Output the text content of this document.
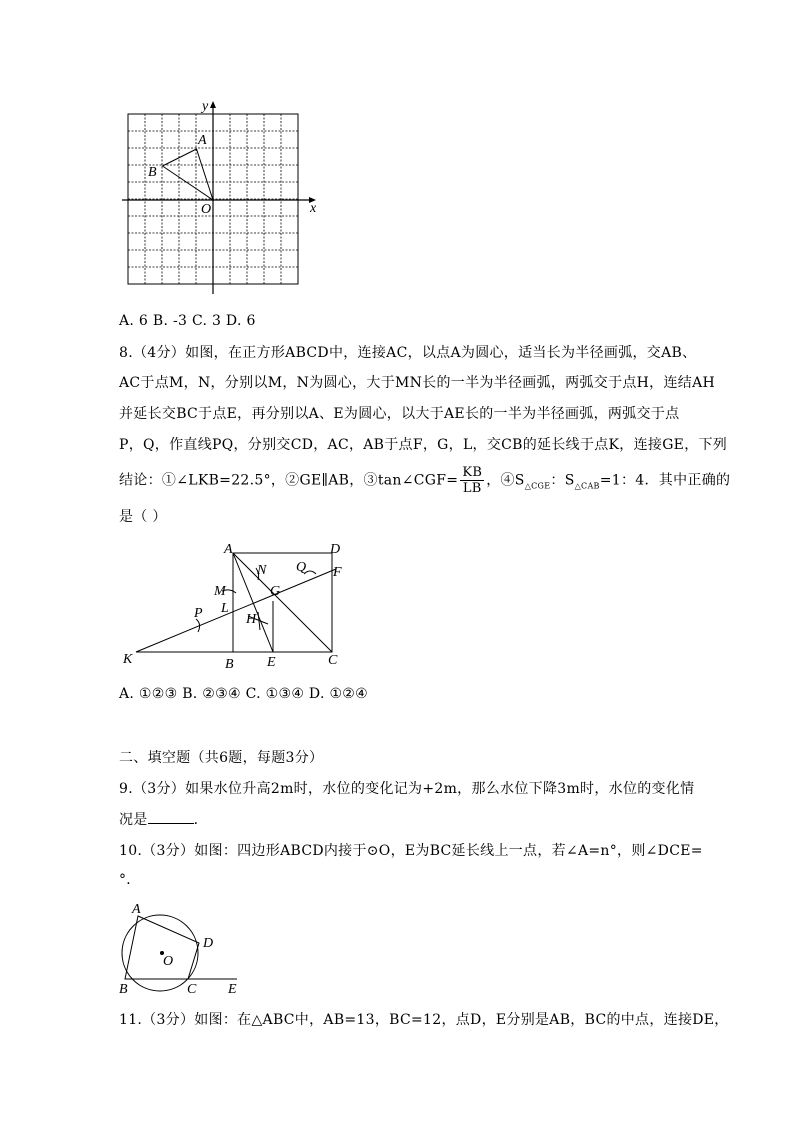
y
x
A
B
O
A. 6 B. -3 C. 3 D. 6
8.（4分）如图，在正方形ABCD中，连接AC，以点A为圆心，适当长为半径画弧，交AB、
AC于点M，N，分别以M，N为圆心，大于MN长的一半为半径画弧，两弧交于点H，连结AH
并延长交BC于点E，再分别以A、E为圆心，以大于AE长的一半为半径画弧，两弧交于点
P，Q，作直线PQ，分别交CD，AC，AB于点F，G，L，交CB的延长线于点K，连接GE，下列
结论：①∠LKB=22.5°，②GE∥AB，③tan∠CGF= $\frac{KB}{LB}$ ，$④S_{\triangle CGE}$：$S_{\triangle CAB}=1$：4．其中正确的
是（ ）
A	D
N Q F
M	G
L
P	H
K	B E	C
A. ①②③ B. ②③④ C. ①③④ D. ①②④
二、填空题（共6题，每题3分）
9.（3分）如果水位升高2m时，水位的变化记为+2m，那么水位下降3m时，水位的变化情
况是	．
10.（3分）如图：四边形ABCD内接于⊙O，E为BC延长线上一点，若∠A=n°，则∠DCE=
°．
A
D
O
B	C E
11.（3分）如图：在△ABC中，AB=13，BC=12，点D，E分别是AB，BC的中点，连接DE，
